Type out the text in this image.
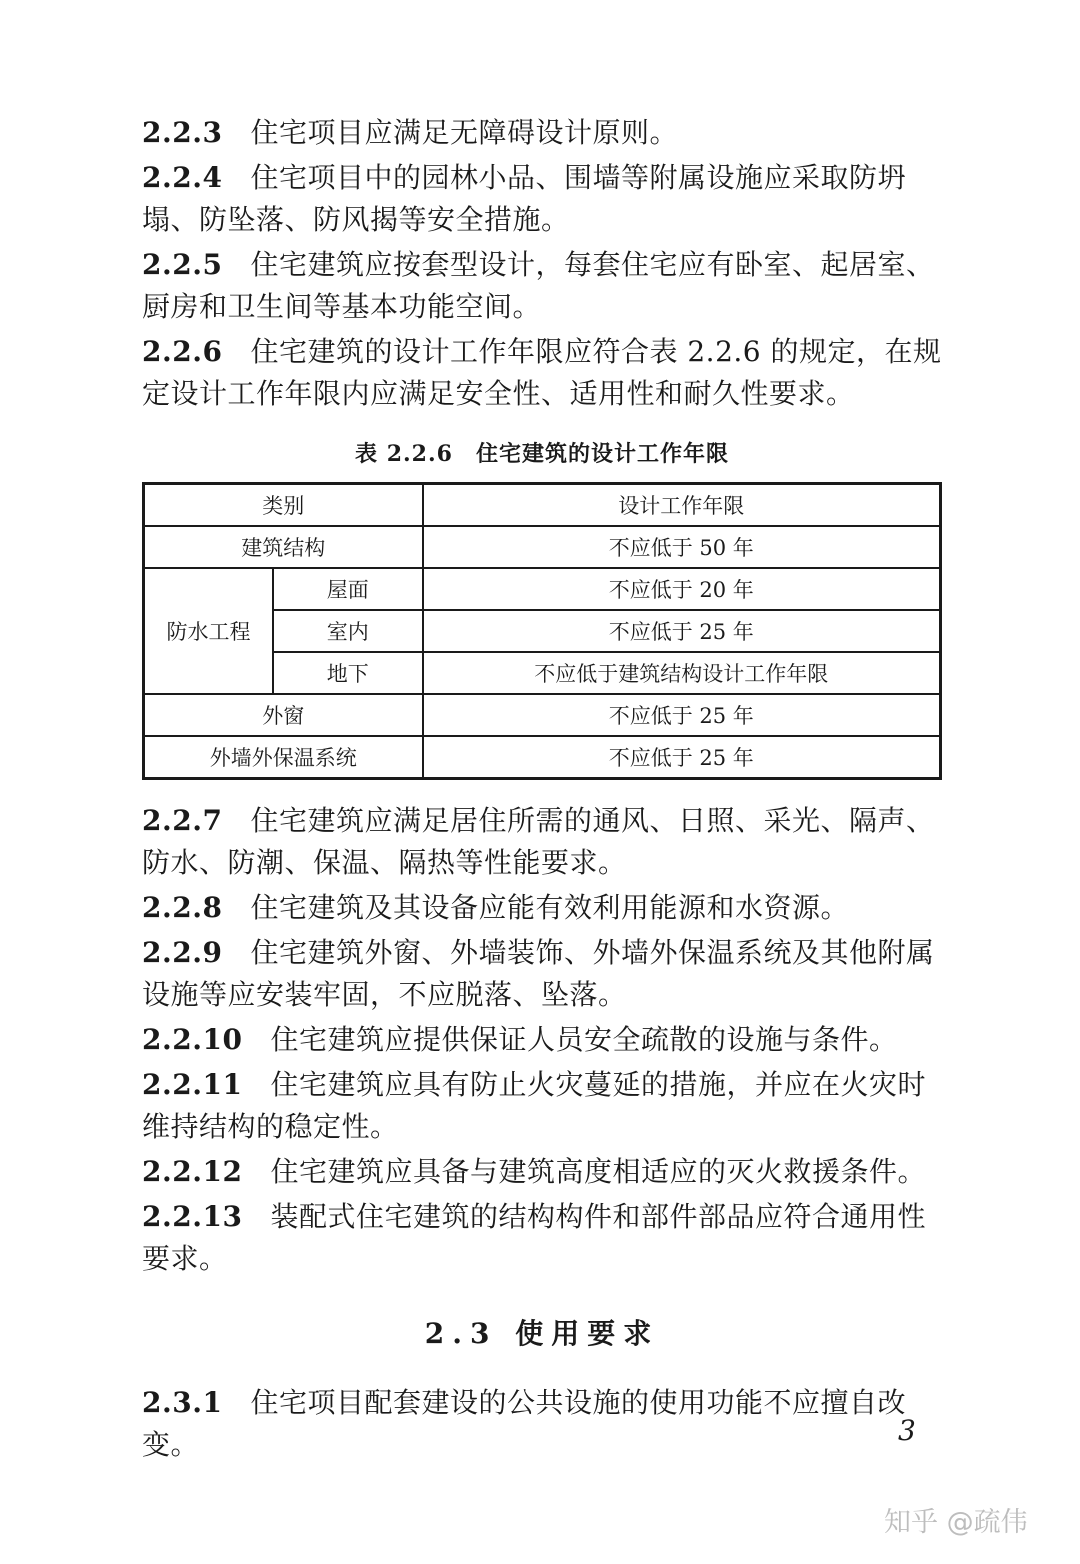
2.2.3 住宅项目应满足无障碍设计原则。

2.2.4 住宅项目中的园林小品、围墙等附属设施应采取防坍塌、防坠落、防风揭等安全措施。

2.2.5 住宅建筑应按套型设计，每套住宅应有卧室、起居室、厨房和卫生间等基本功能空间。

2.2.6 住宅建筑的设计工作年限应符合表 2.2.6 的规定，在规定设计工作年限内应满足安全性、适用性和耐久性要求。

表 2.2.6　住宅建筑的设计工作年限
类别		设计工作年限
建筑结构		不应低于 50 年
防水工程	屋面	不应低于 20 年
	室内	不应低于 25 年
	地下	不应低于建筑结构设计工作年限
外窗		不应低于 25 年
外墙外保温系统		不应低于 25 年

2.2.7 住宅建筑应满足居住所需的通风、日照、采光、隔声、防水、防潮、保温、隔热等性能要求。

2.2.8 住宅建筑及其设备应能有效利用能源和水资源。

2.2.9 住宅建筑外窗、外墙装饰、外墙外保温系统及其他附属设施等应安装牢固，不应脱落、坠落。

2.2.10 住宅建筑应提供保证人员安全疏散的设施与条件。

2.2.11 住宅建筑应具有防止火灾蔓延的措施，并应在火灾时维持结构的稳定性。

2.2.12 住宅建筑应具备与建筑高度相适应的灭火救援条件。

2.2.13 装配式住宅建筑的结构构件和部件部品应符合通用性要求。

2.3 使用要求

2.3.1 住宅项目配套建设的公共设施的使用功能不应擅自改变。	3
知乎 @疏伟
